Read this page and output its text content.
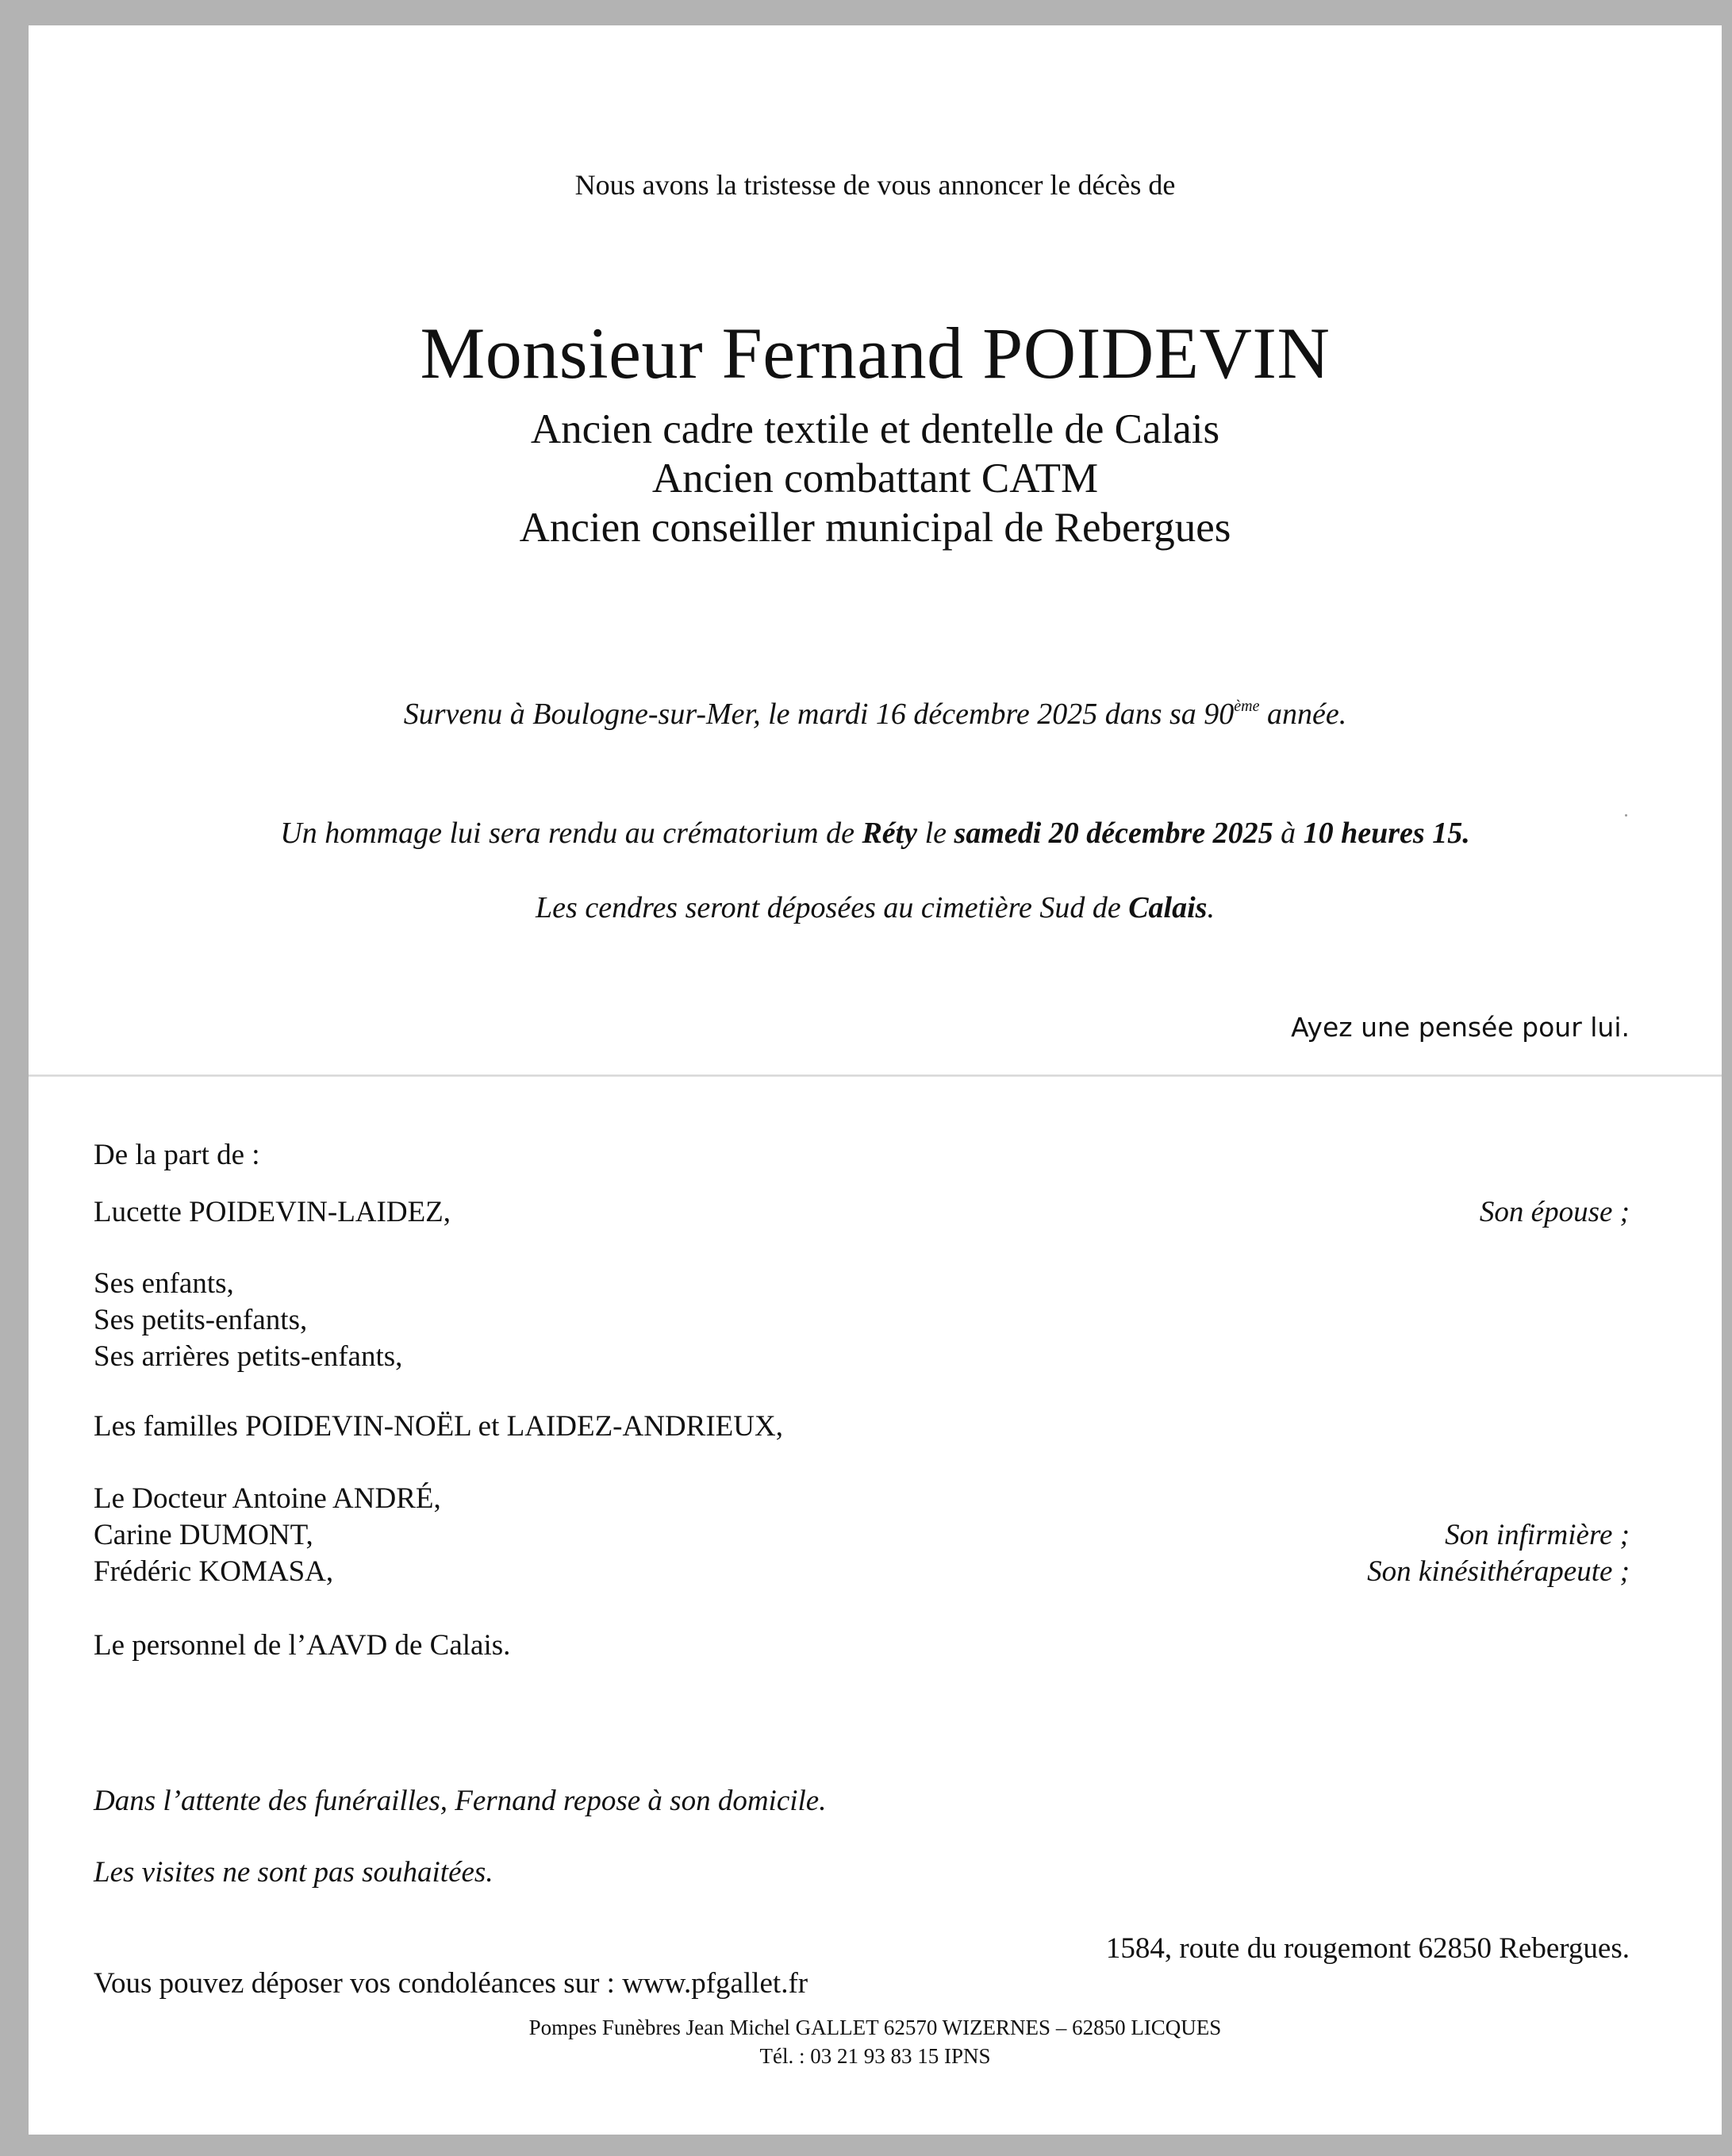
Nous avons la tristesse de vous annoncer le décès de
Monsieur Fernand POIDEVIN
Ancien cadre textile et dentelle de Calais
Ancien combattant CATM
Ancien conseiller municipal de Rebergues
Survenu à Boulogne-sur-Mer, le mardi 16 décembre 2025 dans sa 90ème année.
Un hommage lui sera rendu au crématorium de Réty le samedi 20 décembre 2025 à 10 heures 15.
Les cendres seront déposées au cimetière Sud de Calais.
Ayez une pensée pour lui.
De la part de :
Lucette POIDEVIN-LAIDEZ,	Son épouse ;
Ses enfants,
Ses petits-enfants,
Ses arrières petits-enfants,
Les familles POIDEVIN-NOËL et LAIDEZ-ANDRIEUX,
Le Docteur Antoine ANDRÉ,
Carine DUMONT,
Frédéric KOMASA,
Son infirmière ;
Son kinésithérapeute ;
Le personnel de l’AAVD de Calais.
Dans l’attente des funérailles, Fernand repose à son domicile.
Les visites ne sont pas souhaitées.
1584, route du rougemont 62850 Rebergues.
Vous pouvez déposer vos condoléances sur : www.pfgallet.fr
Pompes Funèbres Jean Michel GALLET 62570 WIZERNES – 62850 LICQUES
Tél. : 03 21 93 83 15 IPNS
